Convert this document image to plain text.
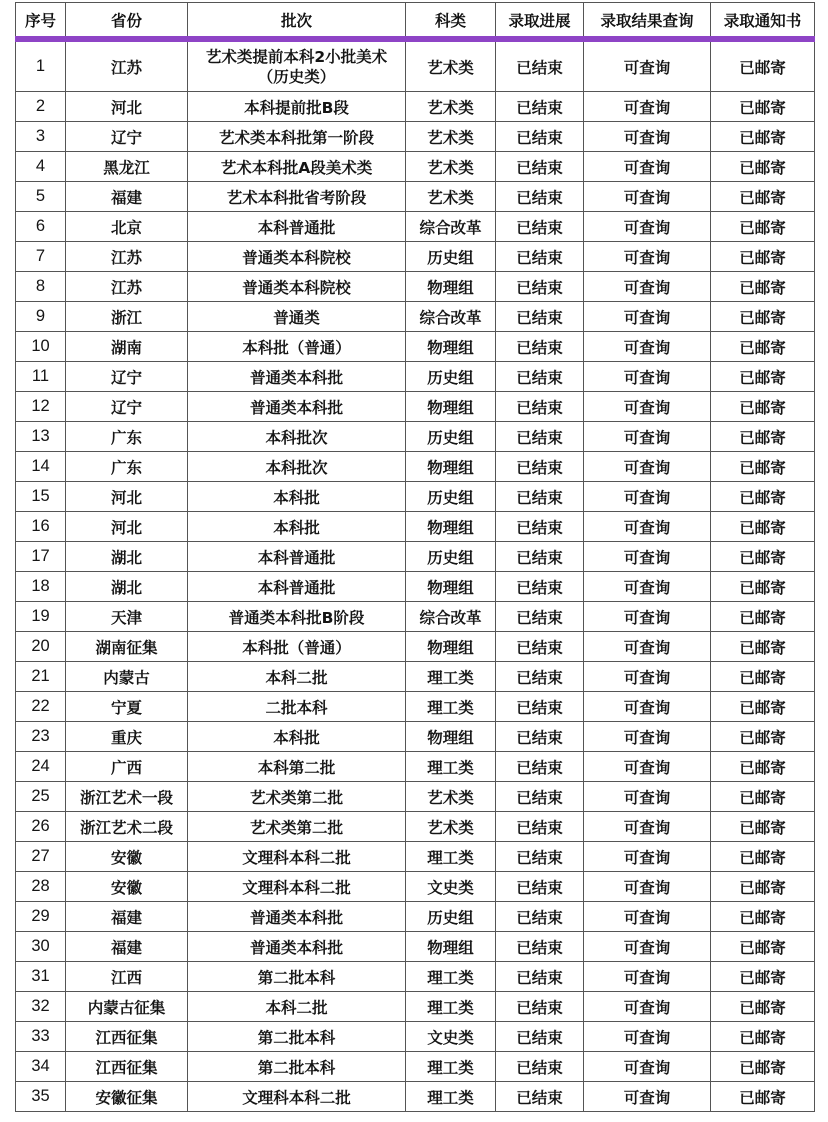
序号	省份	批次	科类	录取进展	录取结果查询	录取通知书
1	江苏	艺术类提前本科2小批美术（历史类）	艺术类	已结束	可查询	已邮寄
2	河北	本科提前批B段	艺术类	已结束	可查询	已邮寄
3	辽宁	艺术类本科批第一阶段	艺术类	已结束	可查询	已邮寄
4	黑龙江	艺术本科批A段美术类	艺术类	已结束	可查询	已邮寄
5	福建	艺术本科批省考阶段	艺术类	已结束	可查询	已邮寄
6	北京	本科普通批	综合改革	已结束	可查询	已邮寄
7	江苏	普通类本科院校	历史组	已结束	可查询	已邮寄
8	江苏	普通类本科院校	物理组	已结束	可查询	已邮寄
9	浙江	普通类	综合改革	已结束	可查询	已邮寄
10	湖南	本科批（普通）	物理组	已结束	可查询	已邮寄
11	辽宁	普通类本科批	历史组	已结束	可查询	已邮寄
12	辽宁	普通类本科批	物理组	已结束	可查询	已邮寄
13	广东	本科批次	历史组	已结束	可查询	已邮寄
14	广东	本科批次	物理组	已结束	可查询	已邮寄
15	河北	本科批	历史组	已结束	可查询	已邮寄
16	河北	本科批	物理组	已结束	可查询	已邮寄
17	湖北	本科普通批	历史组	已结束	可查询	已邮寄
18	湖北	本科普通批	物理组	已结束	可查询	已邮寄
19	天津	普通类本科批B阶段	综合改革	已结束	可查询	已邮寄
20	湖南征集	本科批（普通）	物理组	已结束	可查询	已邮寄
21	内蒙古	本科二批	理工类	已结束	可查询	已邮寄
22	宁夏	二批本科	理工类	已结束	可查询	已邮寄
23	重庆	本科批	物理组	已结束	可查询	已邮寄
24	广西	本科第二批	理工类	已结束	可查询	已邮寄
25	浙江艺术一段	艺术类第二批	艺术类	已结束	可查询	已邮寄
26	浙江艺术二段	艺术类第二批	艺术类	已结束	可查询	已邮寄
27	安徽	文理科本科二批	理工类	已结束	可查询	已邮寄
28	安徽	文理科本科二批	文史类	已结束	可查询	已邮寄
29	福建	普通类本科批	历史组	已结束	可查询	已邮寄
30	福建	普通类本科批	物理组	已结束	可查询	已邮寄
31	江西	第二批本科	理工类	已结束	可查询	已邮寄
32	内蒙古征集	本科二批	理工类	已结束	可查询	已邮寄
33	江西征集	第二批本科	文史类	已结束	可查询	已邮寄
34	江西征集	第二批本科	理工类	已结束	可查询	已邮寄
35	安徽征集	文理科本科二批	理工类	已结束	可查询	已邮寄
